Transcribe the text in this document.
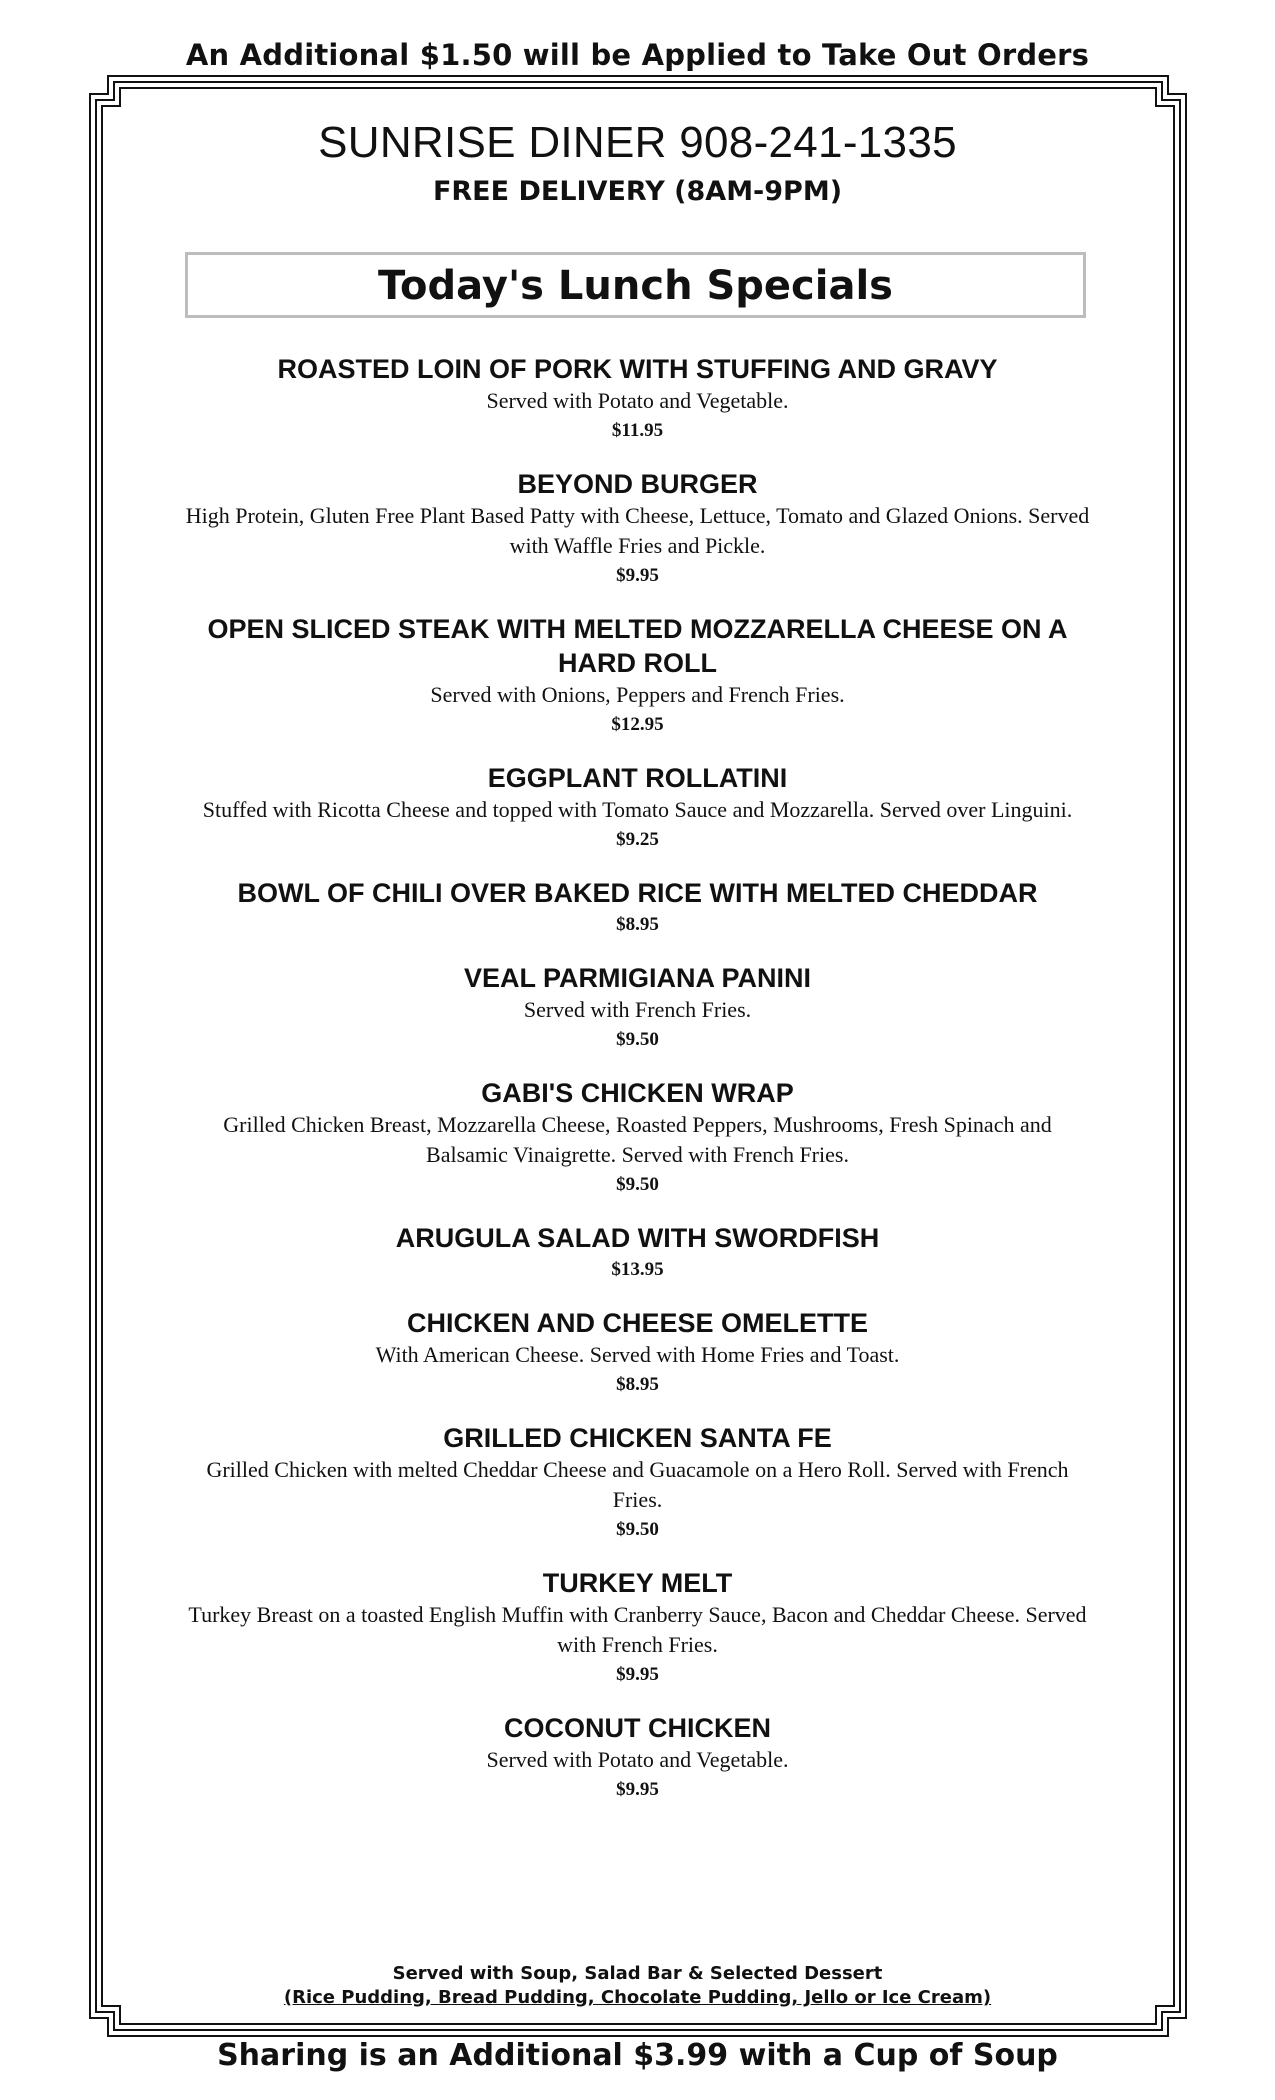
An Additional $1.50 will be Applied to Take Out Orders
SUNRISE DINER 908-241-1335
FREE DELIVERY (8AM-9PM)
Today's Lunch Specials
ROASTED LOIN OF PORK WITH STUFFING AND GRAVY
Served with Potato and Vegetable.
$11.95
BEYOND BURGER
High Protein, Gluten Free Plant Based Patty with Cheese, Lettuce, Tomato and Glazed Onions. Served with Waffle Fries and Pickle.
$9.95
OPEN SLICED STEAK WITH MELTED MOZZARELLA CHEESE ON A HARD ROLL
Served with Onions, Peppers and French Fries.
$12.95
EGGPLANT ROLLATINI
Stuffed with Ricotta Cheese and topped with Tomato Sauce and Mozzarella. Served over Linguini.
$9.25
BOWL OF CHILI OVER BAKED RICE WITH MELTED CHEDDAR
$8.95
VEAL PARMIGIANA PANINI
Served with French Fries.
$9.50
GABI'S CHICKEN WRAP
Grilled Chicken Breast, Mozzarella Cheese, Roasted Peppers, Mushrooms, Fresh Spinach and Balsamic Vinaigrette. Served with French Fries.
$9.50
ARUGULA SALAD WITH SWORDFISH
$13.95
CHICKEN AND CHEESE OMELETTE
With American Cheese. Served with Home Fries and Toast.
$8.95
GRILLED CHICKEN SANTA FE
Grilled Chicken with melted Cheddar Cheese and Guacamole on a Hero Roll. Served with French Fries.
$9.50
TURKEY MELT
Turkey Breast on a toasted English Muffin with Cranberry Sauce, Bacon and Cheddar Cheese. Served with French Fries.
$9.95
COCONUT CHICKEN
Served with Potato and Vegetable.
$9.95
Served with Soup, Salad Bar & Selected Dessert
(Rice Pudding, Bread Pudding, Chocolate Pudding, Jello or Ice Cream)
Sharing is an Additional $3.99 with a Cup of Soup
